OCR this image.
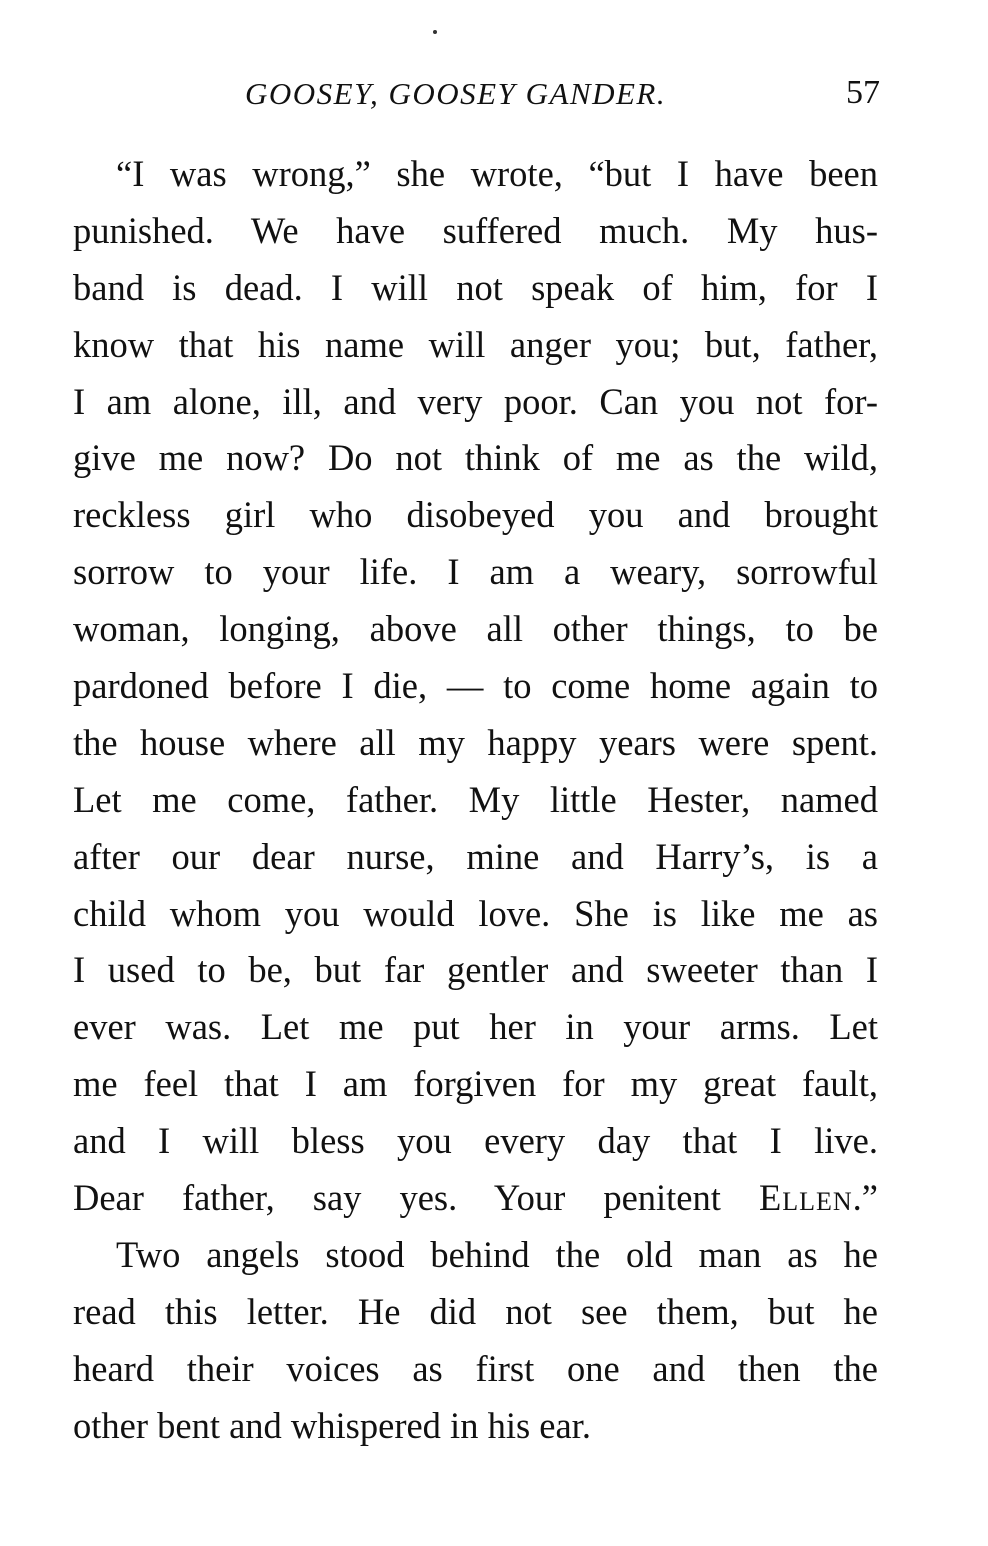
GOOSEY, GOOSEY GANDER.	57
“I was wrong,” she wrote, “but I have been
punished. We have suffered much. My hus-
band is dead. I will not speak of him, for I
know that his name will anger you; but, father,
I am alone, ill, and very poor. Can you not for-
give me now? Do not think of me as the wild,
reckless girl who disobeyed you and brought
sorrow to your life. I am a weary, sorrowful
woman, longing, above all other things, to be
pardoned before I die, — to come home again to
the house where all my happy years were spent.
Let me come, father. My little Hester, named
after our dear nurse, mine and Harry’s, is a
child whom you would love. She is like me as
I used to be, but far gentler and sweeter than I
ever was. Let me put her in your arms. Let
me feel that I am forgiven for my great fault,
and I will bless you every day that I live.
Dear father, say yes. Your penitent Ellen.”
Two angels stood behind the old man as he
read this letter. He did not see them, but he
heard their voices as first one and then the
other bent and whispered in his ear.
